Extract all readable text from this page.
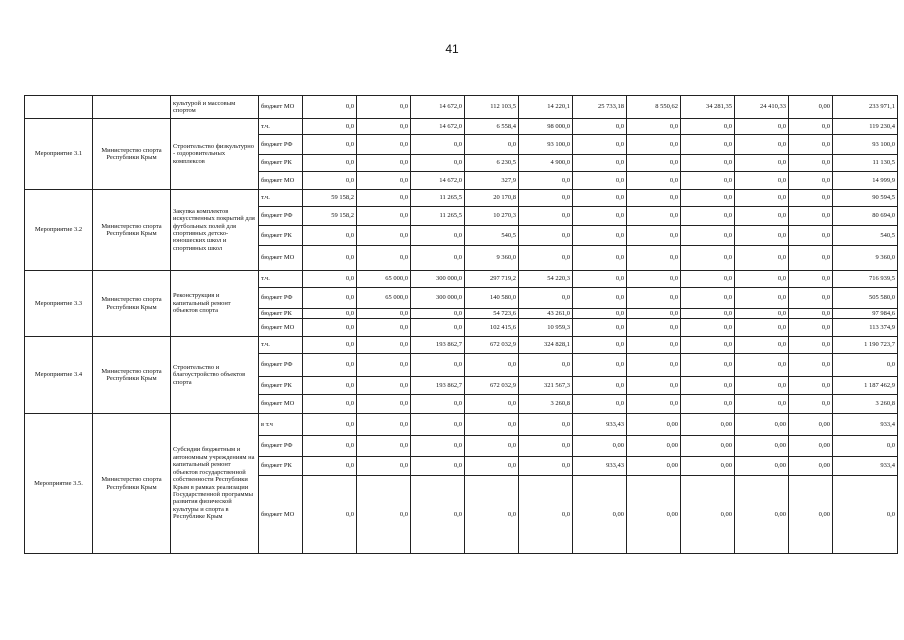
41
		культурой и массовым спортом	бюджет МО	0,0	0,0	14 672,0	112 103,5	14 220,1	25 733,18	8 550,62	34 281,35	24 410,33	0,00	233 971,1
Мероприятие 3.1	Министерство спорта Республики Крым	Строительство физкультурно - оздоровительных комплексов	т.ч.	0,0	0,0	14 672,0	6 558,4	98 000,0	0,0	0,0	0,0	0,0	0,0	119 230,4
			бюджет РФ	0,0	0,0	0,0	0,0	93 100,0	0,0	0,0	0,0	0,0	0,0	93 100,0
			бюджет РК	0,0	0,0	0,0	6 230,5	4 900,0	0,0	0,0	0,0	0,0	0,0	11 130,5
			бюджет МО	0,0	0,0	14 672,0	327,9	0,0	0,0	0,0	0,0	0,0	0,0	14 999,9
Мероприятие 3.2	Министерство спорта Республики Крым	Закупка комплектов искусственных покрытий для футбольных полей для спортивных детско-юношеских школ и спортивных школ	т.ч.	59 158,2	0,0	11 265,5	20 170,8	0,0	0,0	0,0	0,0	0,0	0,0	90 594,5
			бюджет РФ	59 158,2	0,0	11 265,5	10 270,3	0,0	0,0	0,0	0,0	0,0	0,0	80 694,0
			бюджет РК	0,0	0,0	0,0	540,5	0,0	0,0	0,0	0,0	0,0	0,0	540,5
			бюджет МО	0,0	0,0	0,0	9 360,0	0,0	0,0	0,0	0,0	0,0	0,0	9 360,0
Мероприятие 3.3	Министерство спорта Республики Крым	Реконструкция и капитальный ремонт объектов спорта	т.ч.	0,0	65 000,0	300 000,0	297 719,2	54 220,3	0,0	0,0	0,0	0,0	0,0	716 939,5
			бюджет РФ	0,0	65 000,0	300 000,0	140 580,0	0,0	0,0	0,0	0,0	0,0	0,0	505 580,0
			бюджет РК	0,0	0,0	0,0	54 723,6	43 261,0	0,0	0,0	0,0	0,0	0,0	97 984,6
			бюджет МО	0,0	0,0	0,0	102 415,6	10 959,3	0,0	0,0	0,0	0,0	0,0	113 374,9
Мероприятие 3.4	Министерство спорта Республики Крым	Строительство и благоустройство объектов спорта	т.ч.	0,0	0,0	193 862,7	672 032,9	324 828,1	0,0	0,0	0,0	0,0	0,0	1 190 723,7
			бюджет РФ	0,0	0,0	0,0	0,0	0,0	0,0	0,0	0,0	0,0	0,0	0,0
			бюджет РК	0,0	0,0	193 862,7	672 032,9	321 567,3	0,0	0,0	0,0	0,0	0,0	1 187 462,9
			бюджет МО	0,0	0,0	0,0	0,0	3 260,8	0,0	0,0	0,0	0,0	0,0	3 260,8
Мероприятие 3.5.	Министерство спорта Республики Крым	Субсидии бюджетным и автономным учреждениям на капитальный ремонт объектов государственной собственности Республики Крым в рамках реализации Государственной программы развития физической культуры и спорта в Республике Крым	в т.ч	0,0	0,0	0,0	0,0	0,0	933,43	0,00	0,00	0,00	0,00	933,4
			бюджет РФ	0,0	0,0	0,0	0,0	0,0	0,00	0,00	0,00	0,00	0,00	0,0
			бюджет РК	0,0	0,0	0,0	0,0	0,0	933,43	0,00	0,00	0,00	0,00	933,4
			бюджет МО	0,0	0,0	0,0	0,0	0,0	0,00	0,00	0,00	0,00	0,00	0,0
